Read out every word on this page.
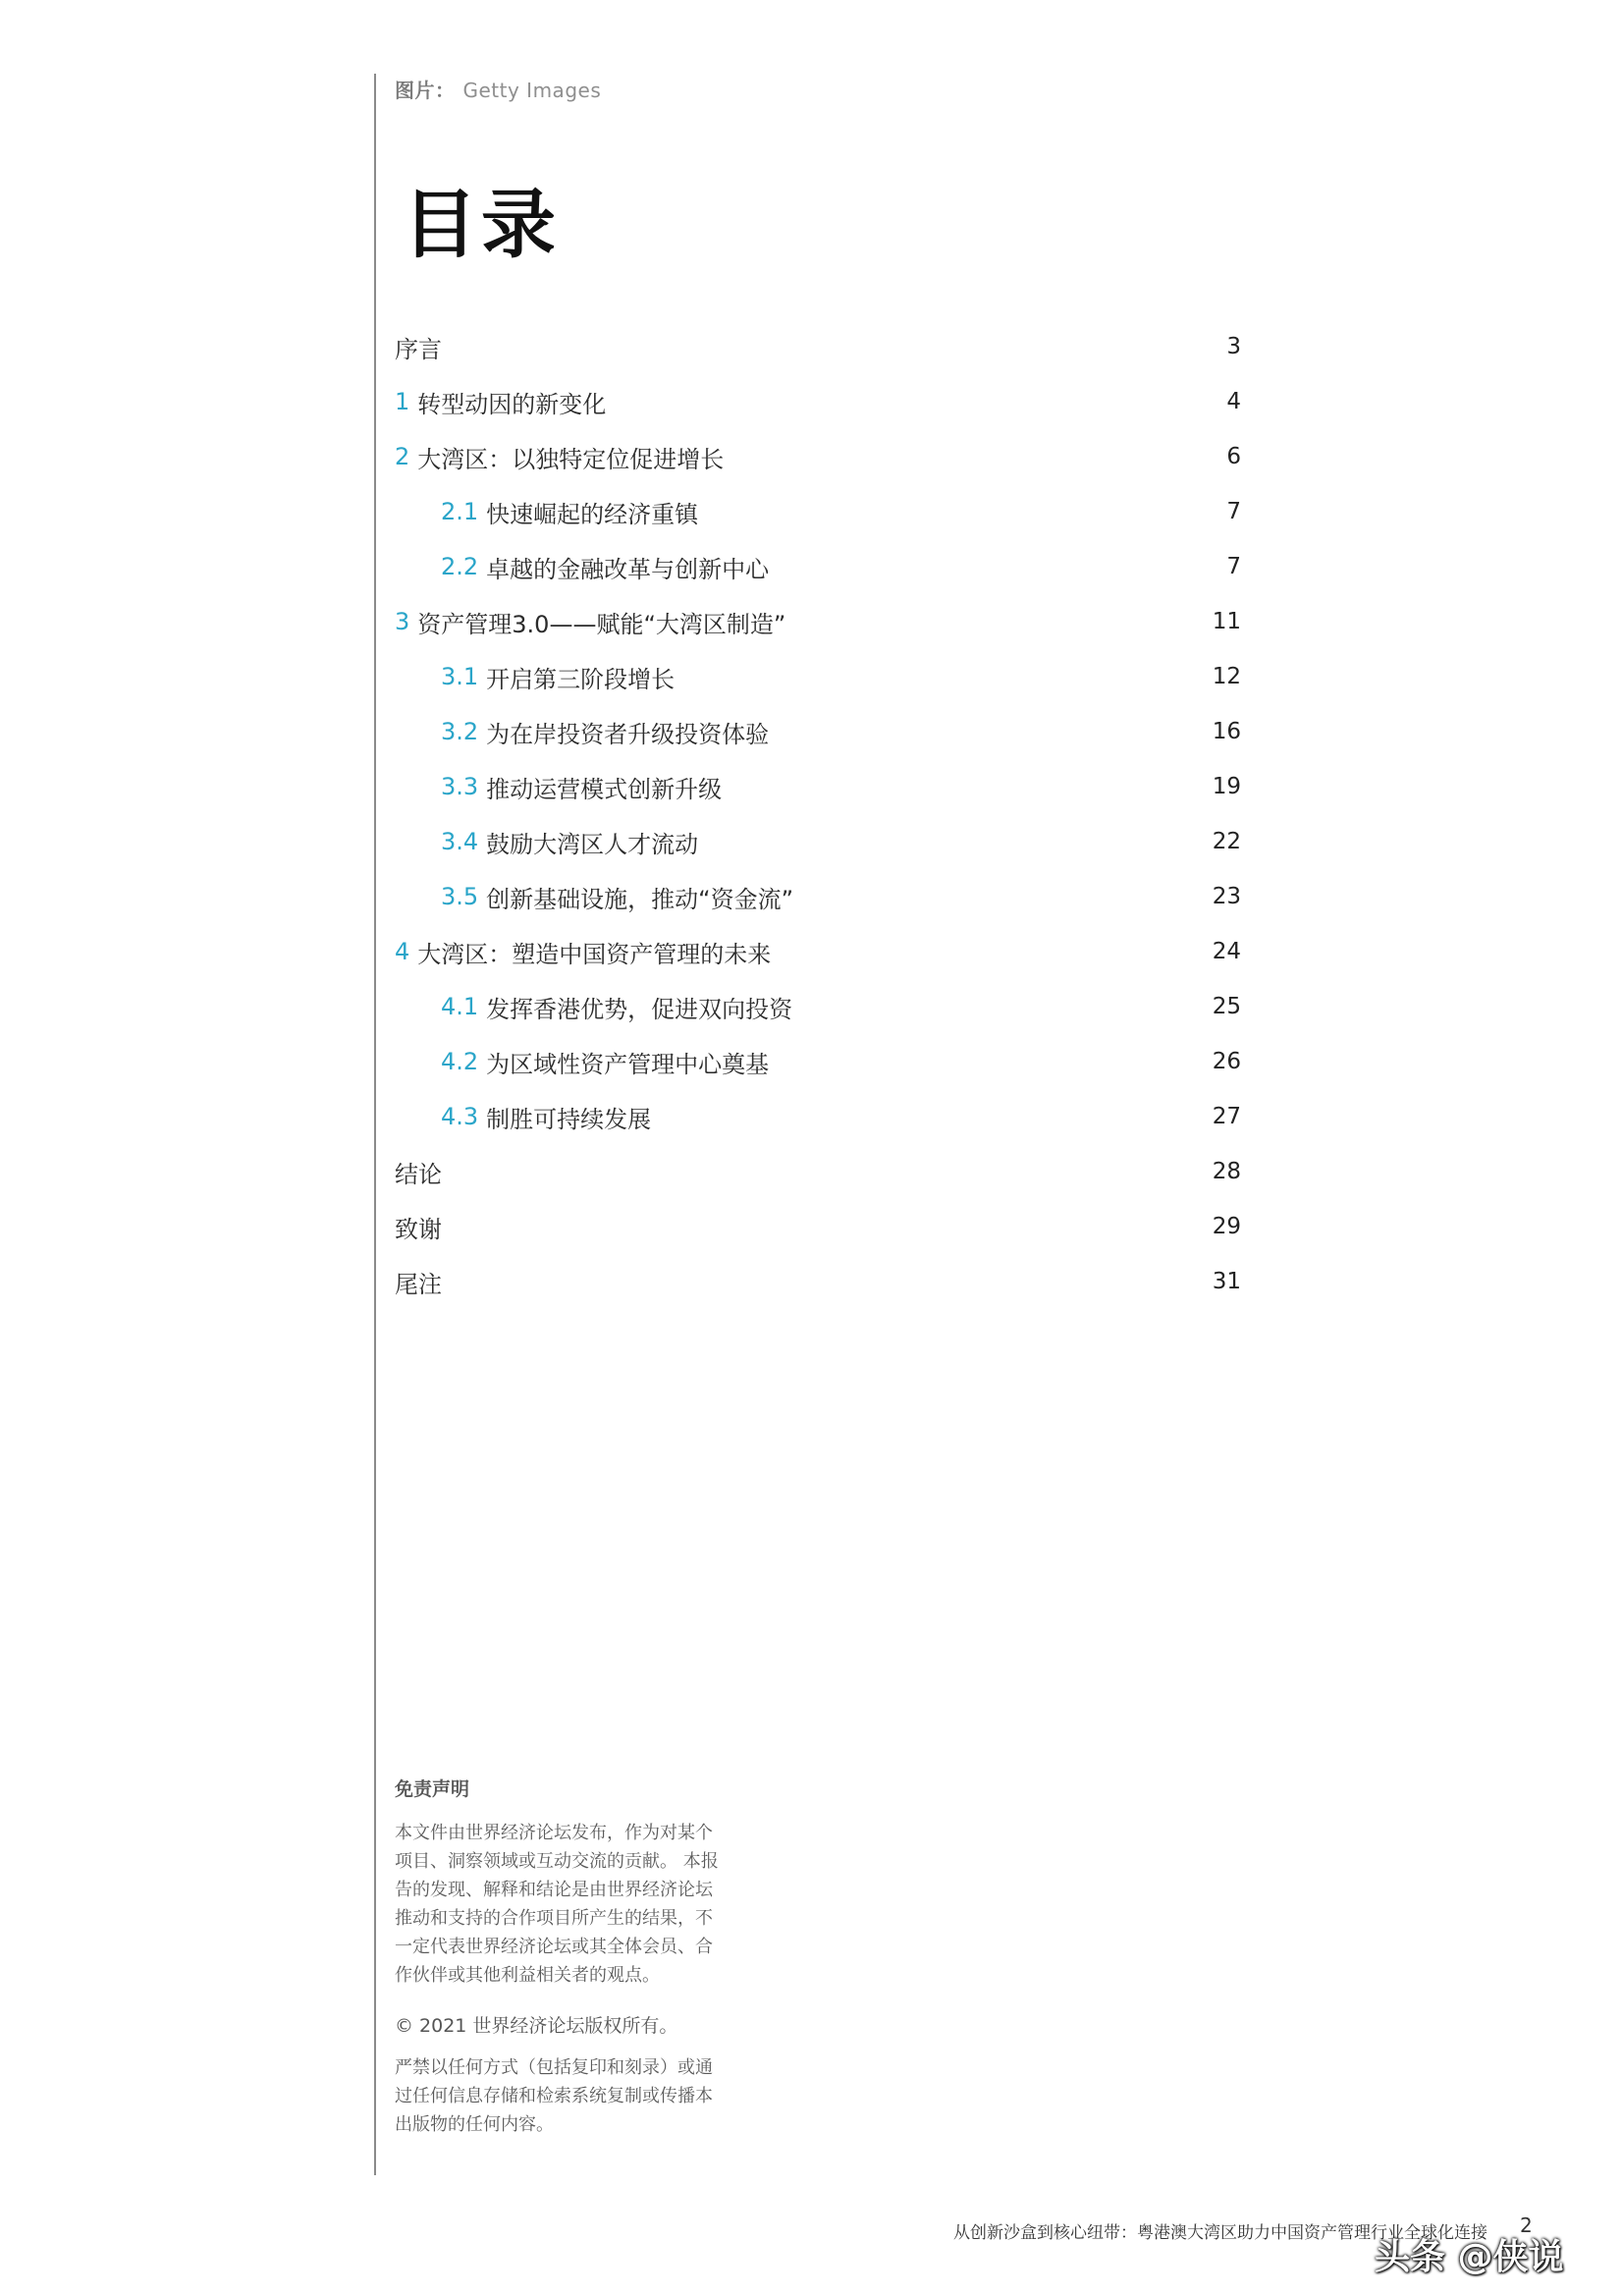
图片： Getty Images
目录
序言	3
1 转型动因的新变化	4
2 大湾区：以独特定位促进增长	6
2.1 快速崛起的经济重镇	7
2.2 卓越的金融改革与创新中心	7
3 资产管理3.0——赋能“大湾区制造”	11
3.1 开启第三阶段增长	12
3.2 为在岸投资者升级投资体验	16
3.3 推动运营模式创新升级	19
3.4 鼓励大湾区人才流动	22
3.5 创新基础设施，推动“资金流”	23
4 大湾区：塑造中国资产管理的未来	24
4.1 发挥香港优势，促进双向投资	25
4.2 为区域性资产管理中心奠基	26
4.3 制胜可持续发展	27
结论	28
致谢	29
尾注	31
免责声明
本文件由世界经济论坛发布，作为对某个
项目、洞察领域或互动交流的贡献。 本报
告的发现、解释和结论是由世界经济论坛
推动和支持的合作项目所产生的结果，不
一定代表世界经济论坛或其全体会员、合
作伙伴或其他利益相关者的观点。
© 2021 世界经济论坛版权所有。
严禁以任何方式（包括复印和刻录）或通
过任何信息存储和检索系统复制或传播本
出版物的任何内容。
从创新沙盒到核心纽带：粤港澳大湾区助力中国资产管理行业全球化连接 2
头条 @侠说
